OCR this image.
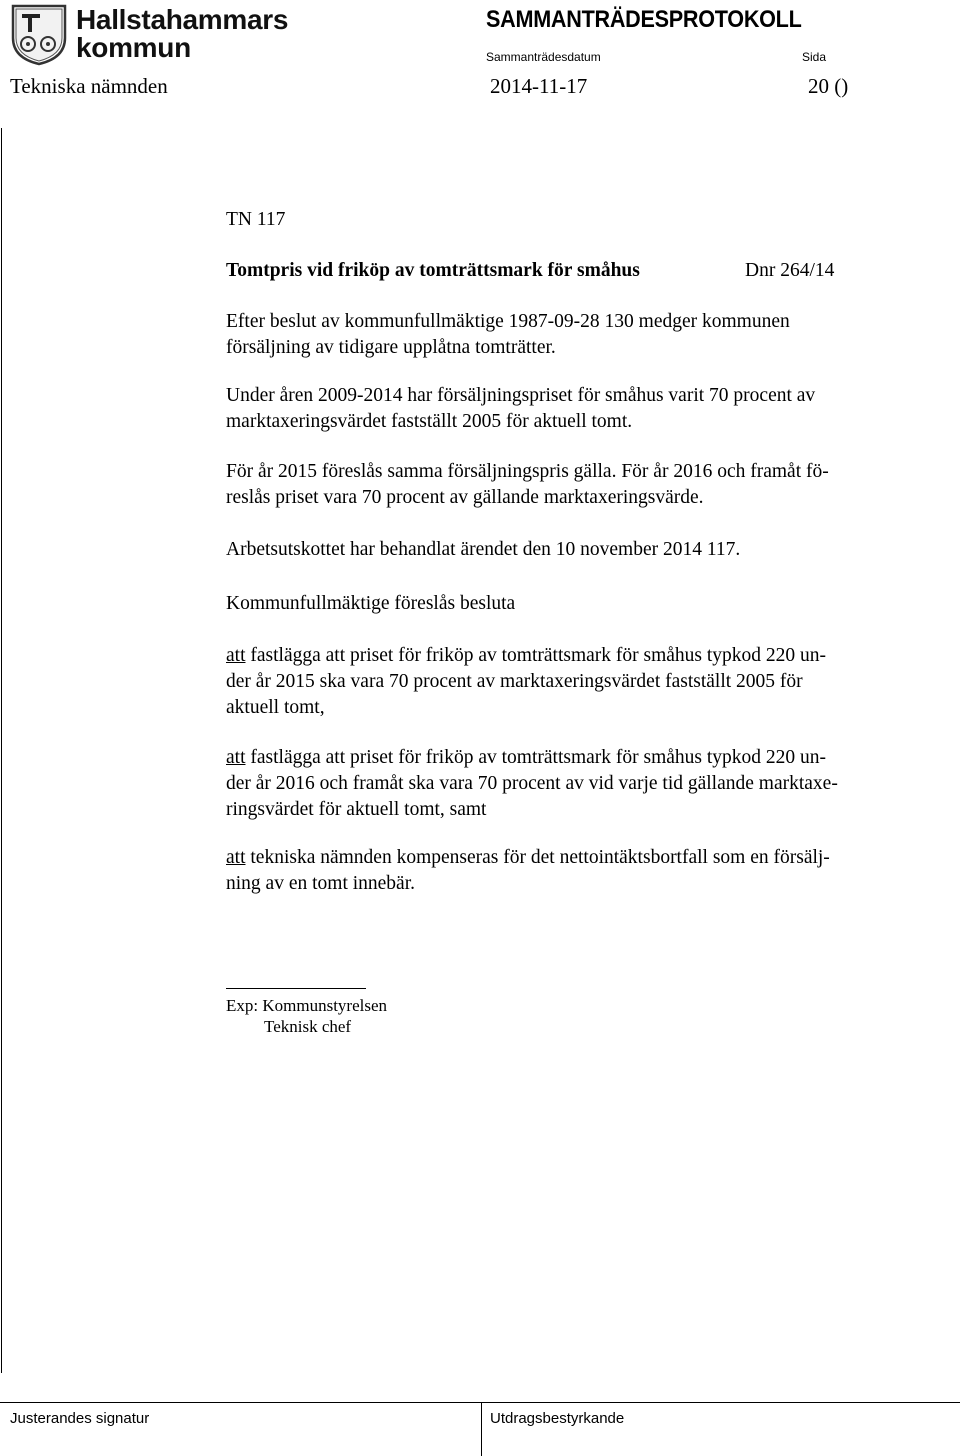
Hallstahammars
kommun
SAMMANTRÄDESPROTOKOLL
Sammanträdesdatum	Sida
Tekniska nämnden	2014-11-17	20 ()
TN 117
Tomtpris vid friköp av tomträttsmark för småhus	Dnr 264/14
Efter beslut av kommunfullmäktige 1987-09-28 130 medger kommunen
försäljning av tidigare upplåtna tomträtter.
Under åren 2009-2014 har försäljningspriset för småhus varit 70 procent av
marktaxeringsvärdet fastställt 2005 för aktuell tomt.
För år 2015 föreslås samma försäljningspris gälla. För år 2016 och framåt fö-
reslås priset vara 70 procent av gällande marktaxeringsvärde.
Arbetsutskottet har behandlat ärendet den 10 november 2014 117.
Kommunfullmäktige föreslås besluta
att fastlägga att priset för friköp av tomträttsmark för småhus typkod 220 un-
der år 2015 ska vara 70 procent av marktaxeringsvärdet fastställt 2005 för
aktuell tomt,
att fastlägga att priset för friköp av tomträttsmark för småhus typkod 220 un-
der år 2016 och framåt ska vara 70 procent av vid varje tid gällande marktaxe-
ringsvärdet för aktuell tomt, samt
att tekniska nämnden kompenseras för det nettointäktsbortfall som en försälj-
ning av en tomt innebär.
Exp: Kommunstyrelsen
Teknisk chef
Justerandes signatur	Utdragsbestyrkande
